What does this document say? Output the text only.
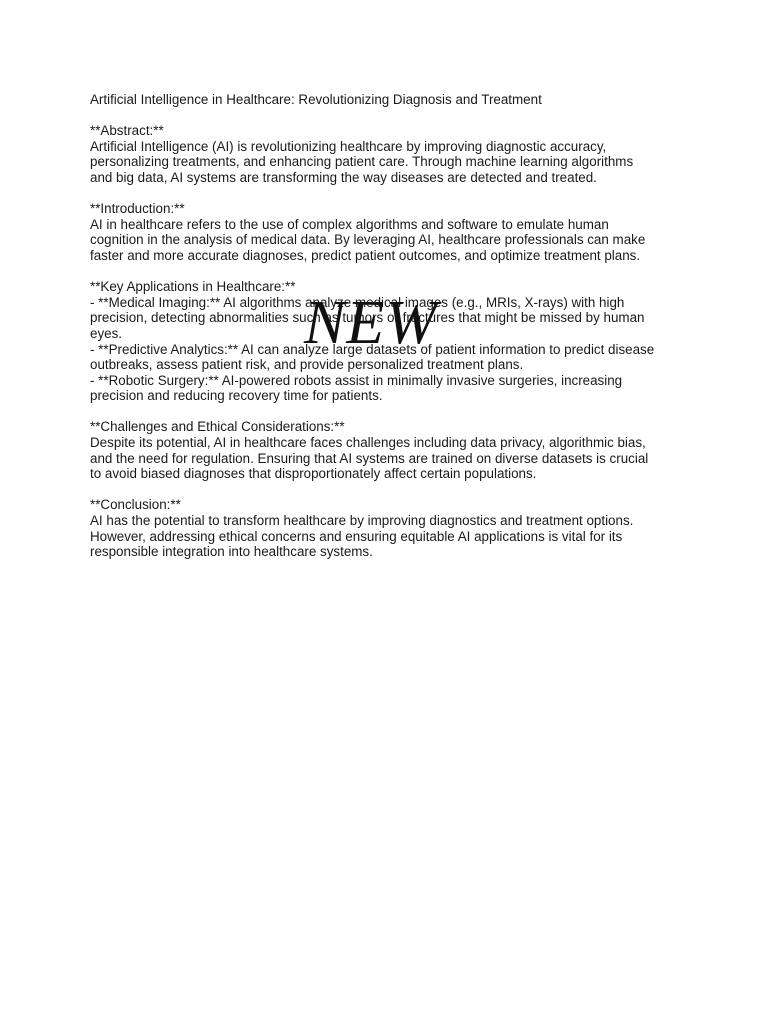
Artificial Intelligence in Healthcare: Revolutionizing Diagnosis and Treatment
**Abstract:**
Artificial Intelligence (AI) is revolutionizing healthcare by improving diagnostic accuracy,
personalizing treatments, and enhancing patient care. Through machine learning algorithms
and big data, AI systems are transforming the way diseases are detected and treated.
**Introduction:**
AI in healthcare refers to the use of complex algorithms and software to emulate human
cognition in the analysis of medical data. By leveraging AI, healthcare professionals can make
faster and more accurate diagnoses, predict patient outcomes, and optimize treatment plans.
**Key Applications in Healthcare:**
- **Medical Imaging:** AI algorithms analyze medical images (e.g., MRIs, X-rays) with high
precision, detecting abnormalities such as tumors or fractures that might be missed by human
eyes.
- **Predictive Analytics:** AI can analyze large datasets of patient information to predict disease
outbreaks, assess patient risk, and provide personalized treatment plans.
- **Robotic Surgery:** AI-powered robots assist in minimally invasive surgeries, increasing
precision and reducing recovery time for patients.
**Challenges and Ethical Considerations:**
Despite its potential, AI in healthcare faces challenges including data privacy, algorithmic bias,
and the need for regulation. Ensuring that AI systems are trained on diverse datasets is crucial
to avoid biased diagnoses that disproportionately affect certain populations.
**Conclusion:**
AI has the potential to transform healthcare by improving diagnostics and treatment options.
However, addressing ethical concerns and ensuring equitable AI applications is vital for its
responsible integration into healthcare systems.
NEW
